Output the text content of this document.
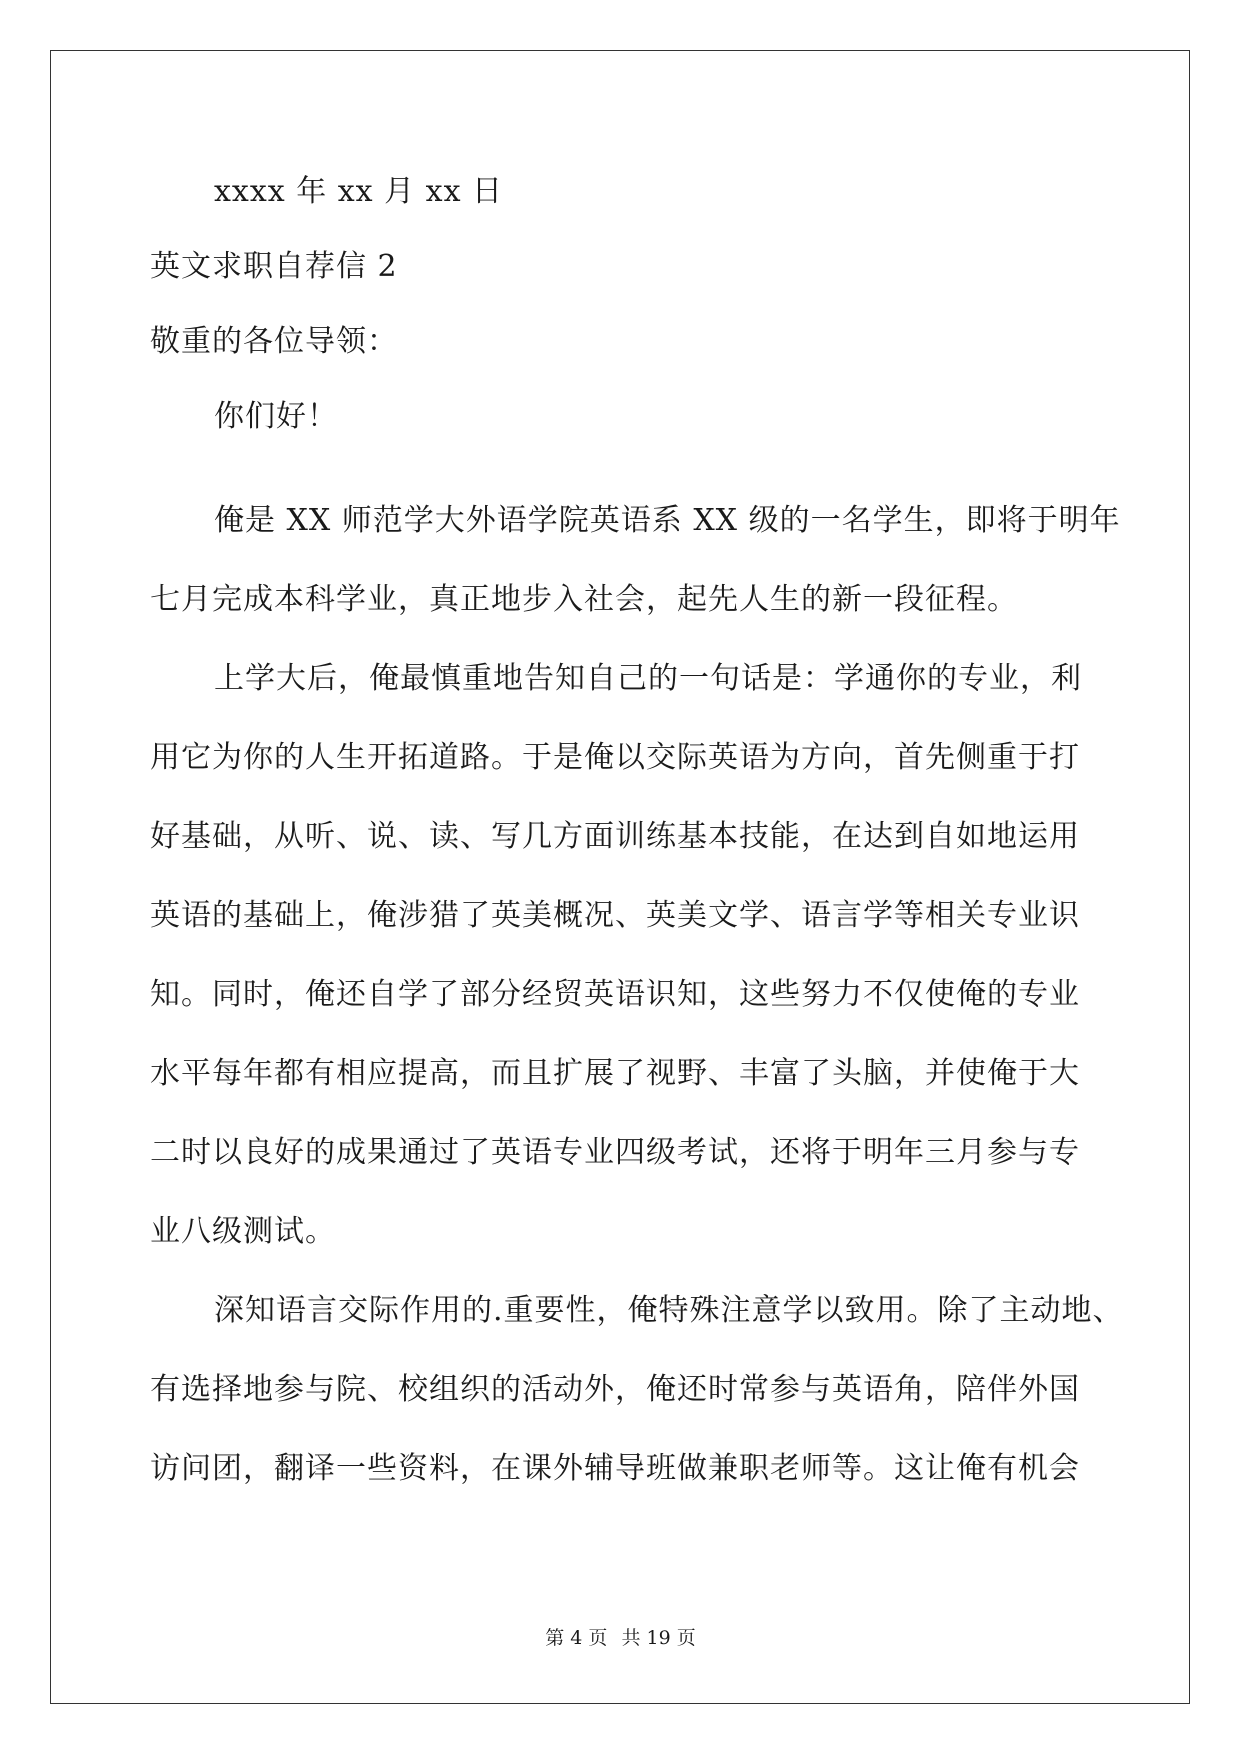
xxxx 年 xx 月 xx 日
英文求职自荐信 2
敬重的各位导领：
你们好！
俺是 XX 师范学大外语学院英语系 XX 级的一名学生，即将于明年
七月完成本科学业，真正地步入社会，起先人生的新一段征程。
上学大后，俺最慎重地告知自己的一句话是：学通你的专业，利
用它为你的人生开拓道路。于是俺以交际英语为方向，首先侧重于打
好基础，从听、说、读、写几方面训练基本技能，在达到自如地运用
英语的基础上，俺涉猎了英美概况、英美文学、语言学等相关专业识
知。同时，俺还自学了部分经贸英语识知，这些努力不仅使俺的专业
水平每年都有相应提高，而且扩展了视野、丰富了头脑，并使俺于大
二时以良好的成果通过了英语专业四级考试，还将于明年三月参与专
业八级测试。
深知语言交际作用的.重要性，俺特殊注意学以致用。除了主动地、
有选择地参与院、校组织的活动外，俺还时常参与英语角，陪伴外国
访问团，翻译一些资料，在课外辅导班做兼职老师等。这让俺有机会
第 4 页 共 19 页
